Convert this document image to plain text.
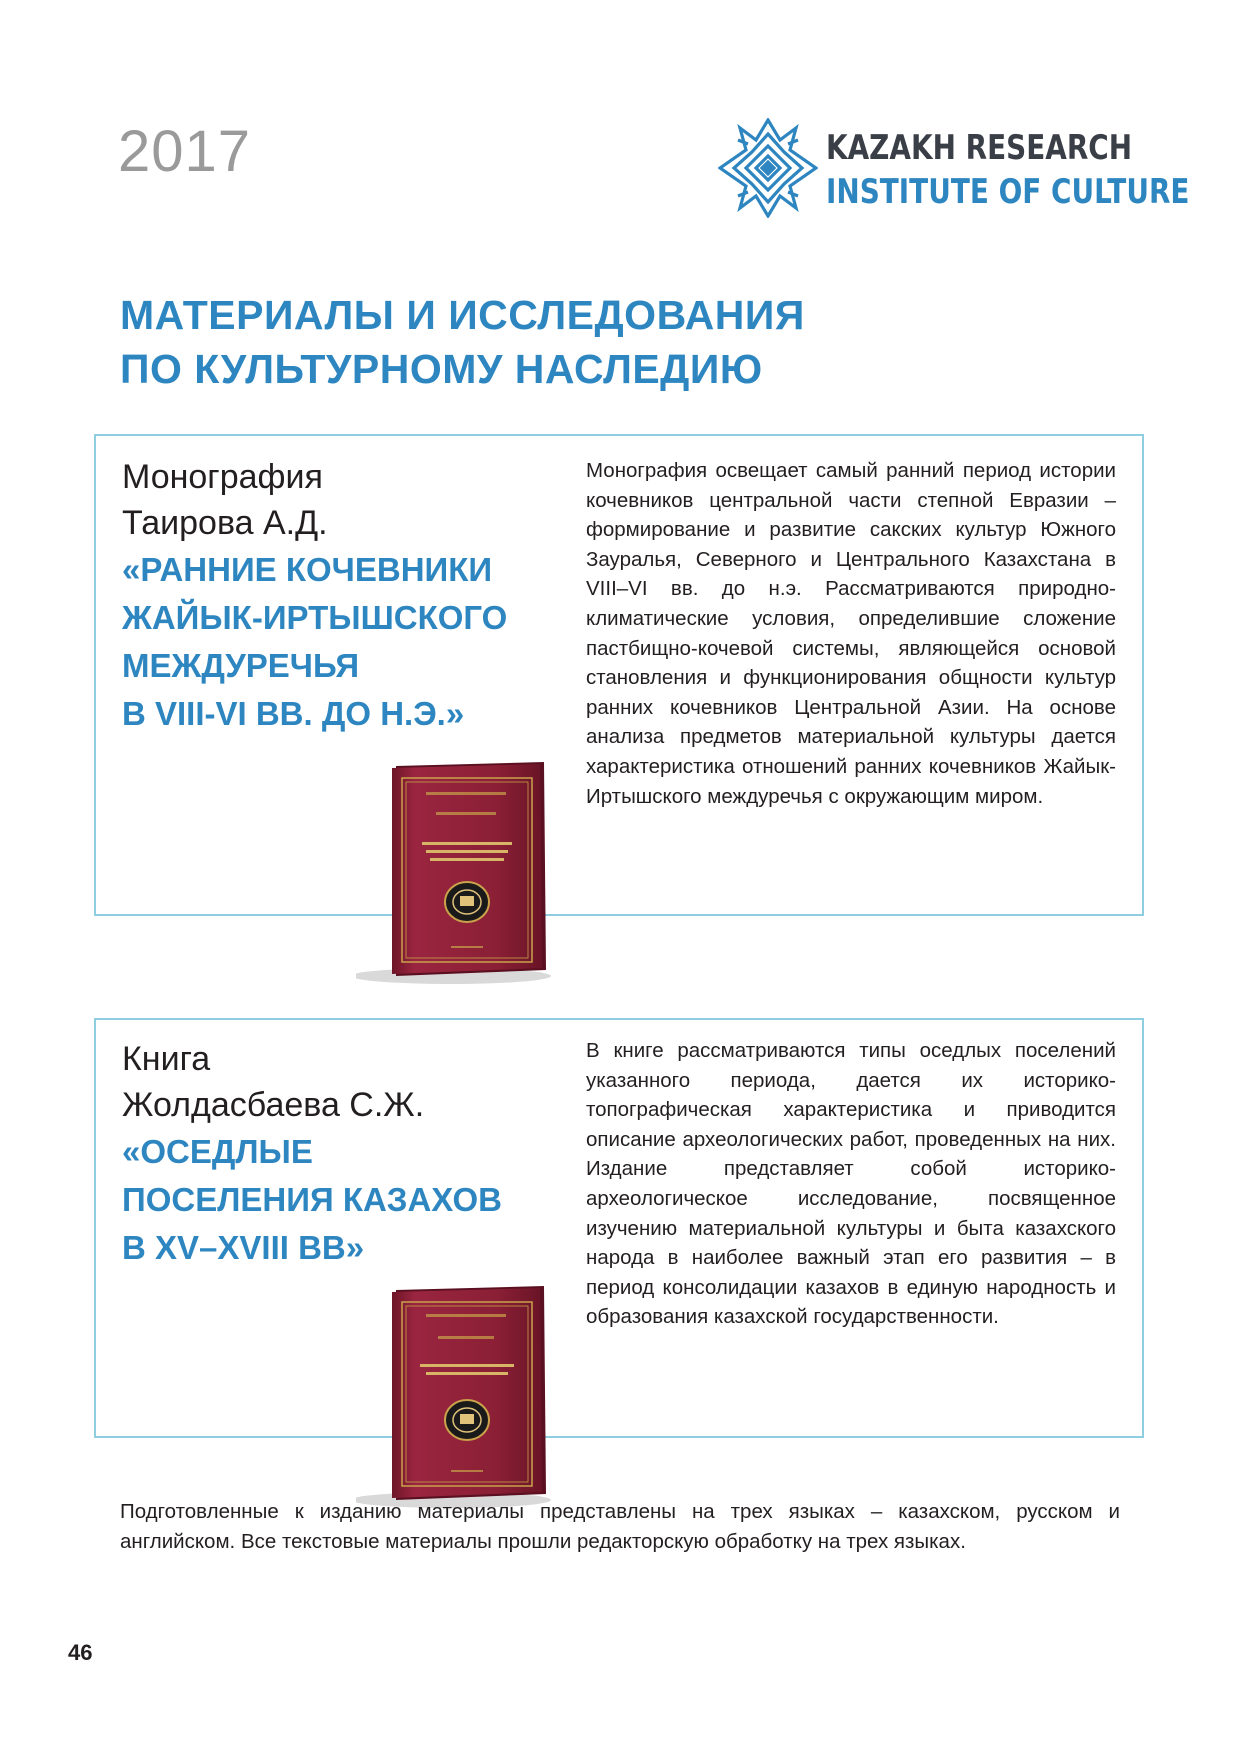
2017	KAZAKH RESEARCH
INSTITUTE OF CULTURE
МАТЕРИАЛЫ И ИССЛЕДОВАНИЯ
ПО КУЛЬТУРНОМУ НАСЛЕДИЮ
Монография
Таирова А.Д.
«РАННИЕ КОЧЕВНИКИ
ЖАЙЫК-ИРТЫШСКОГО
МЕЖДУРЕЧЬЯ
В VIII-VI ВВ. ДО Н.Э.»
Монография освещает самый ранний период истории кочевников центральной части степной Евразии – формирование и развитие сакских культур Южного Зауралья, Северного и Центрального Казахстана в VIII–VI вв. до н.э. Рассматриваются природно-климатические условия, определившие сложение пастбищно-кочевой системы, являющейся основой становления и функционирования общности культур ранних кочевников Центральной Азии. На основе анализа предметов материальной культуры дается характеристика отношений ранних кочевников Жайык-Иртышского междуречья с окружающим миром.
Книга
Жолдасбаева С.Ж.
«ОСЕДЛЫЕ
ПОСЕЛЕНИЯ КАЗАХОВ
В XV–XVIII ВВ»
В книге рассматриваются типы оседлых поселений указанного периода, дается их историко-топографическая характеристика и приводится описание археологических работ, проведенных на них. Издание представляет собой историко-археологическое исследование, посвященное изучению материальной культуры и быта казахского народа в наиболее важный этап его развития – в период консолидации казахов в единую народность и образования казахской государственности.
Подготовленные к изданию материалы представлены на трех языках – казахском, русском и английском. Все текстовые материалы прошли редакторскую обработку на трех языках.
46
